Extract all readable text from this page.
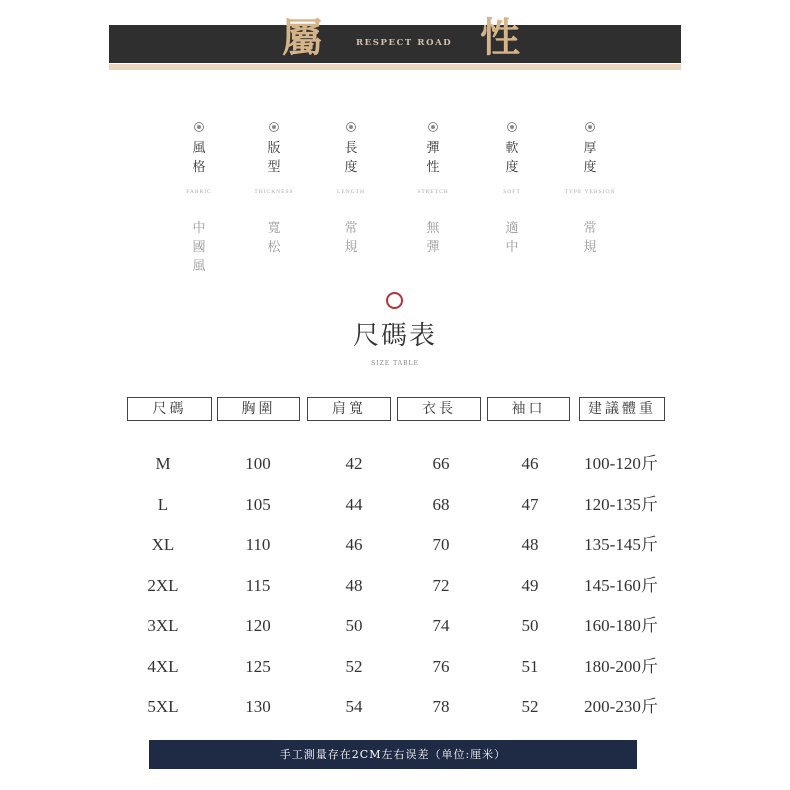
屬	RESPECT ROAD 性
風格
FABRIC
中國風
版型
THICKNESS
寬松
長度
LENGTH
常規
彈性
STRETCH
無彈
軟度
SOFT
適中
厚度
TYPE VERSION
常規
尺碼表
SIZE TABLE
尺碼	胸圍	肩寬	衣長	袖口	建議體重
M	100	42	66	46	100-120斤
L	105	44	68	47	120-135斤
XL	110	46	70	48	135-145斤
2XL	115	48	72	49	145-160斤
3XL	120	50	74	50	160-180斤
4XL	125	52	76	51	180-200斤
5XL	130	54	78	52	200-230斤
手工測量存在2CM左右误差（单位:厘米）
